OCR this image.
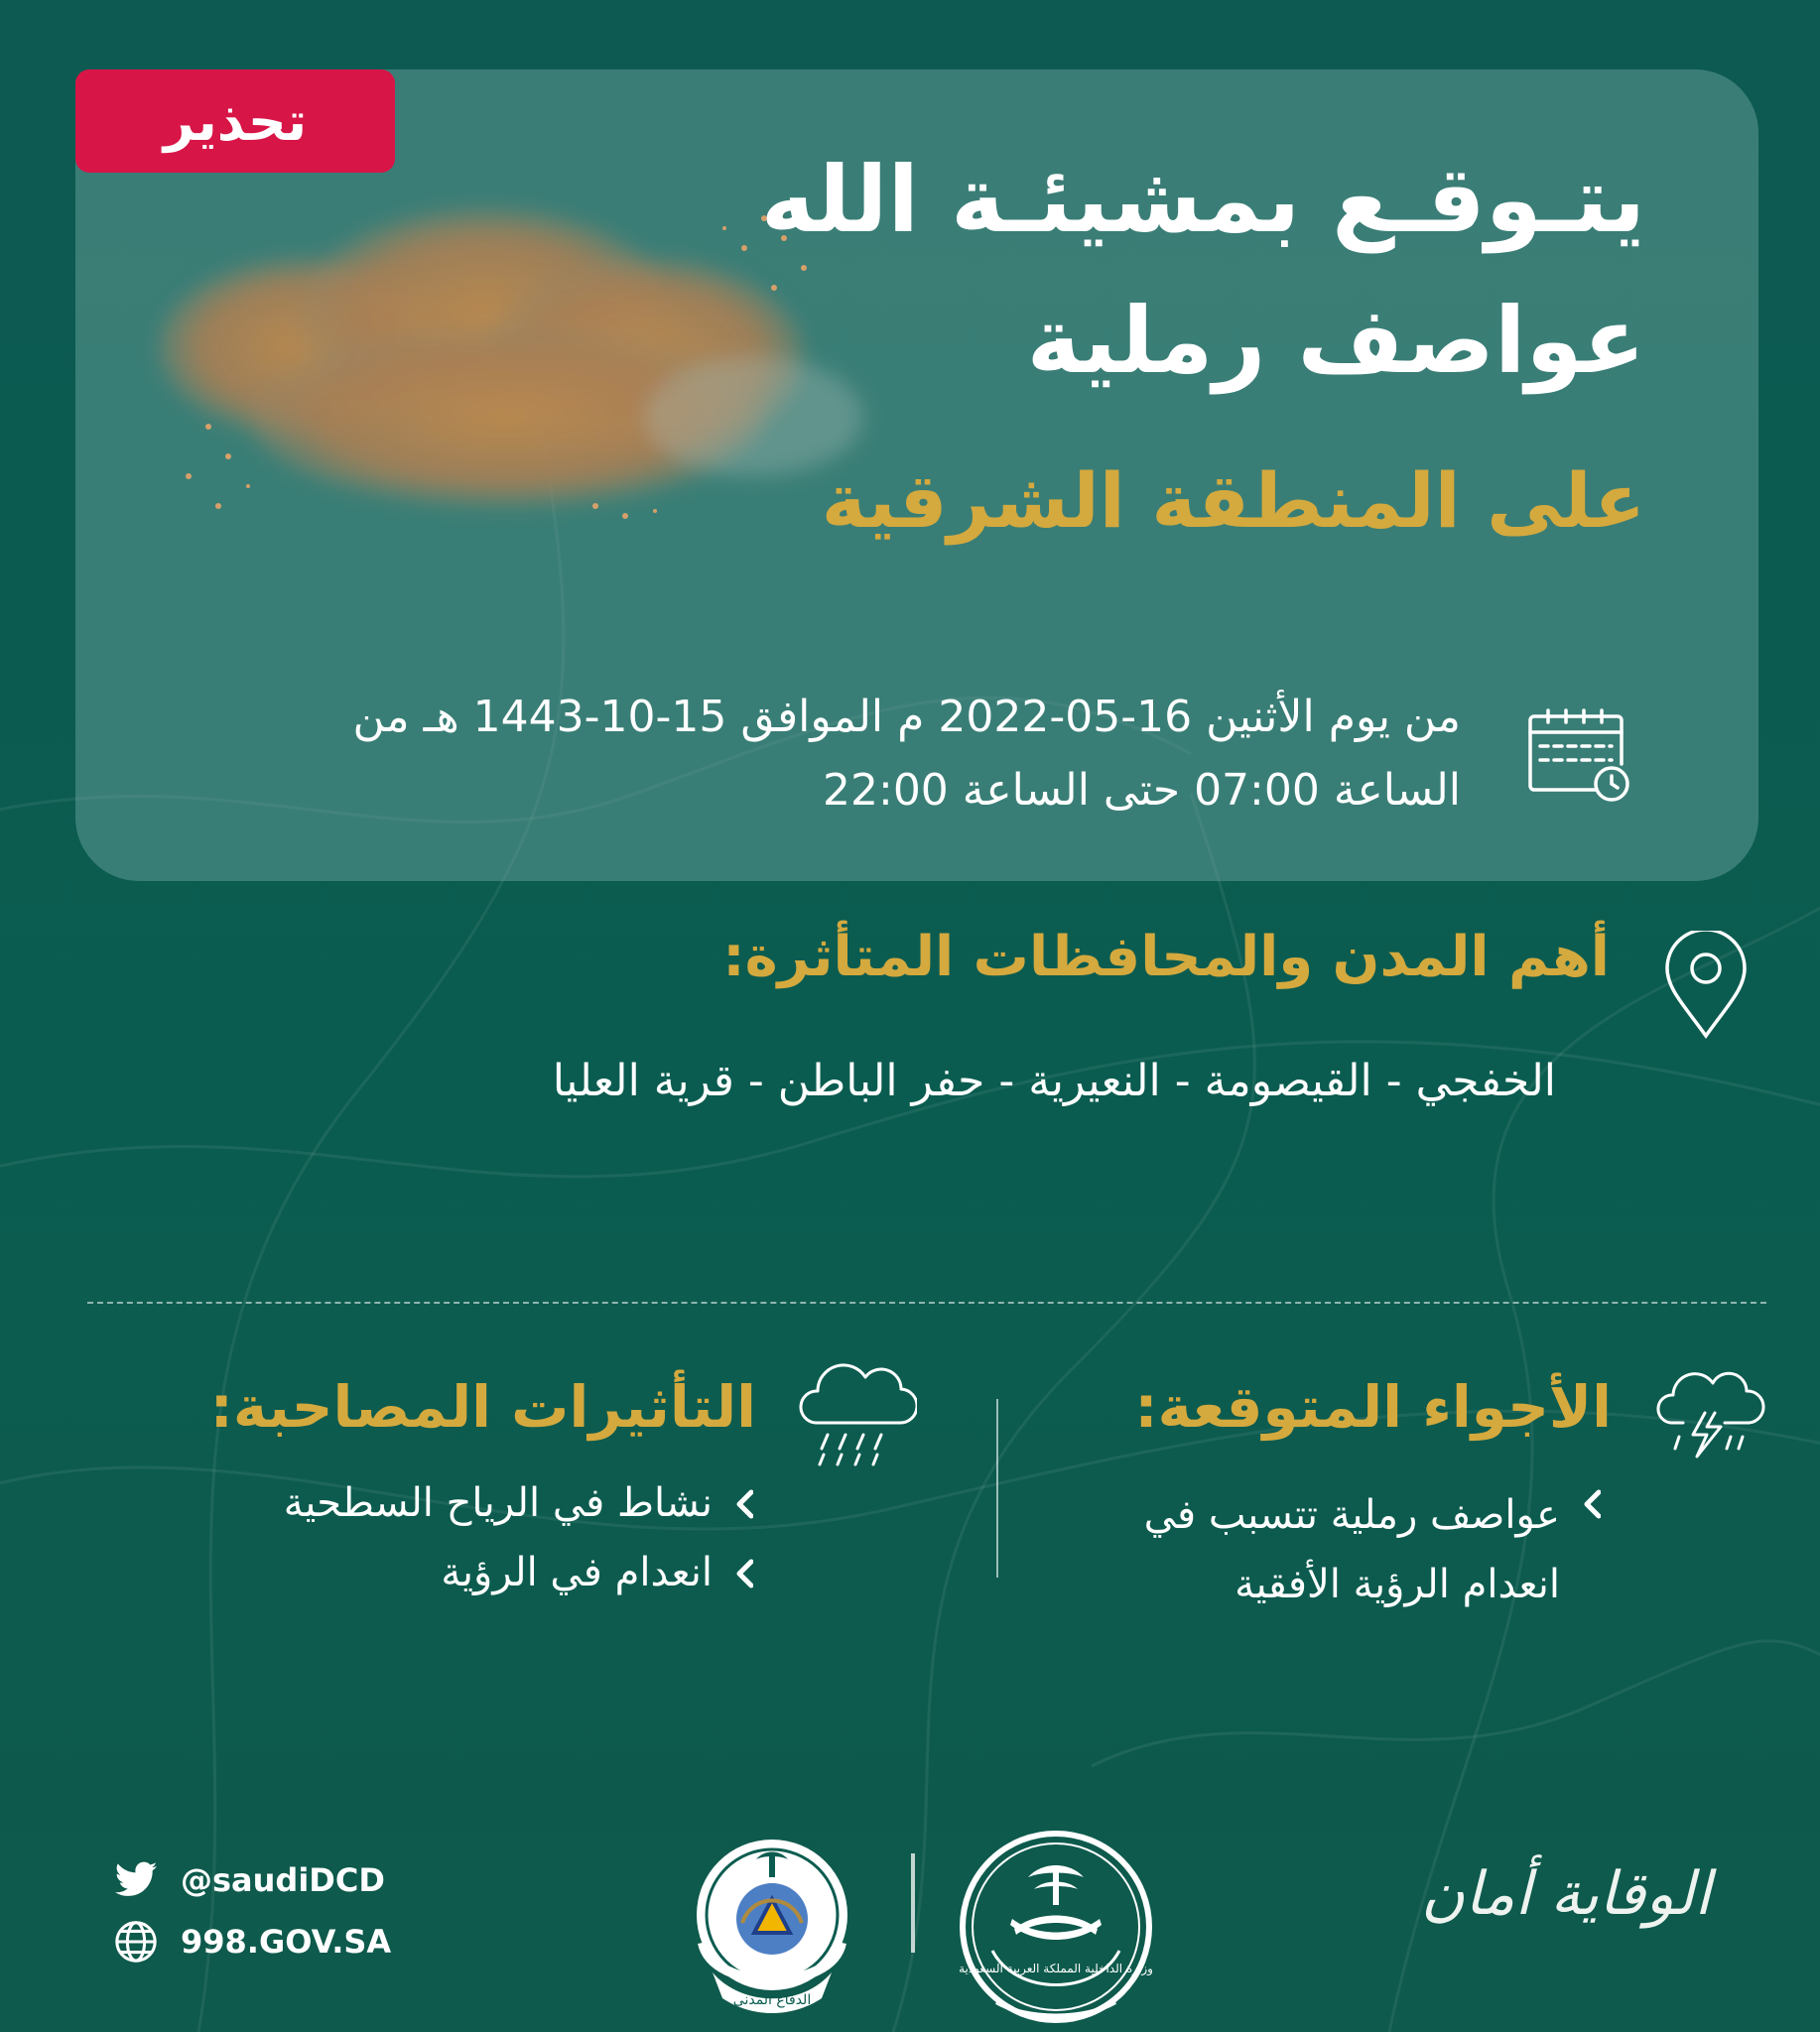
تحذير
يتـوقـع بمشيئـة الله
عواصف رملية
على المنطقة الشرقية
من يوم الأثنين 16-05-2022 م الموافق 15-10-1443 هـ من
الساعة 07:00 حتى الساعة 22:00
أهم المدن والمحافظات المتأثرة:
الخفجي - القيصومة - النعيرية - حفر الباطن - قرية العليا
الأجواء المتوقعة:
عواصف رملية تتسبب في
انعدام الرؤية الأفقية
التأثيرات المصاحبة:
نشاط في الرياح السطحية
انعدام في الرؤية
@saudiDCD
998.GOV.SA
الدفاع المدني
وزارة الداخلية المملكة العربية السعودية
الوقاية أمان
